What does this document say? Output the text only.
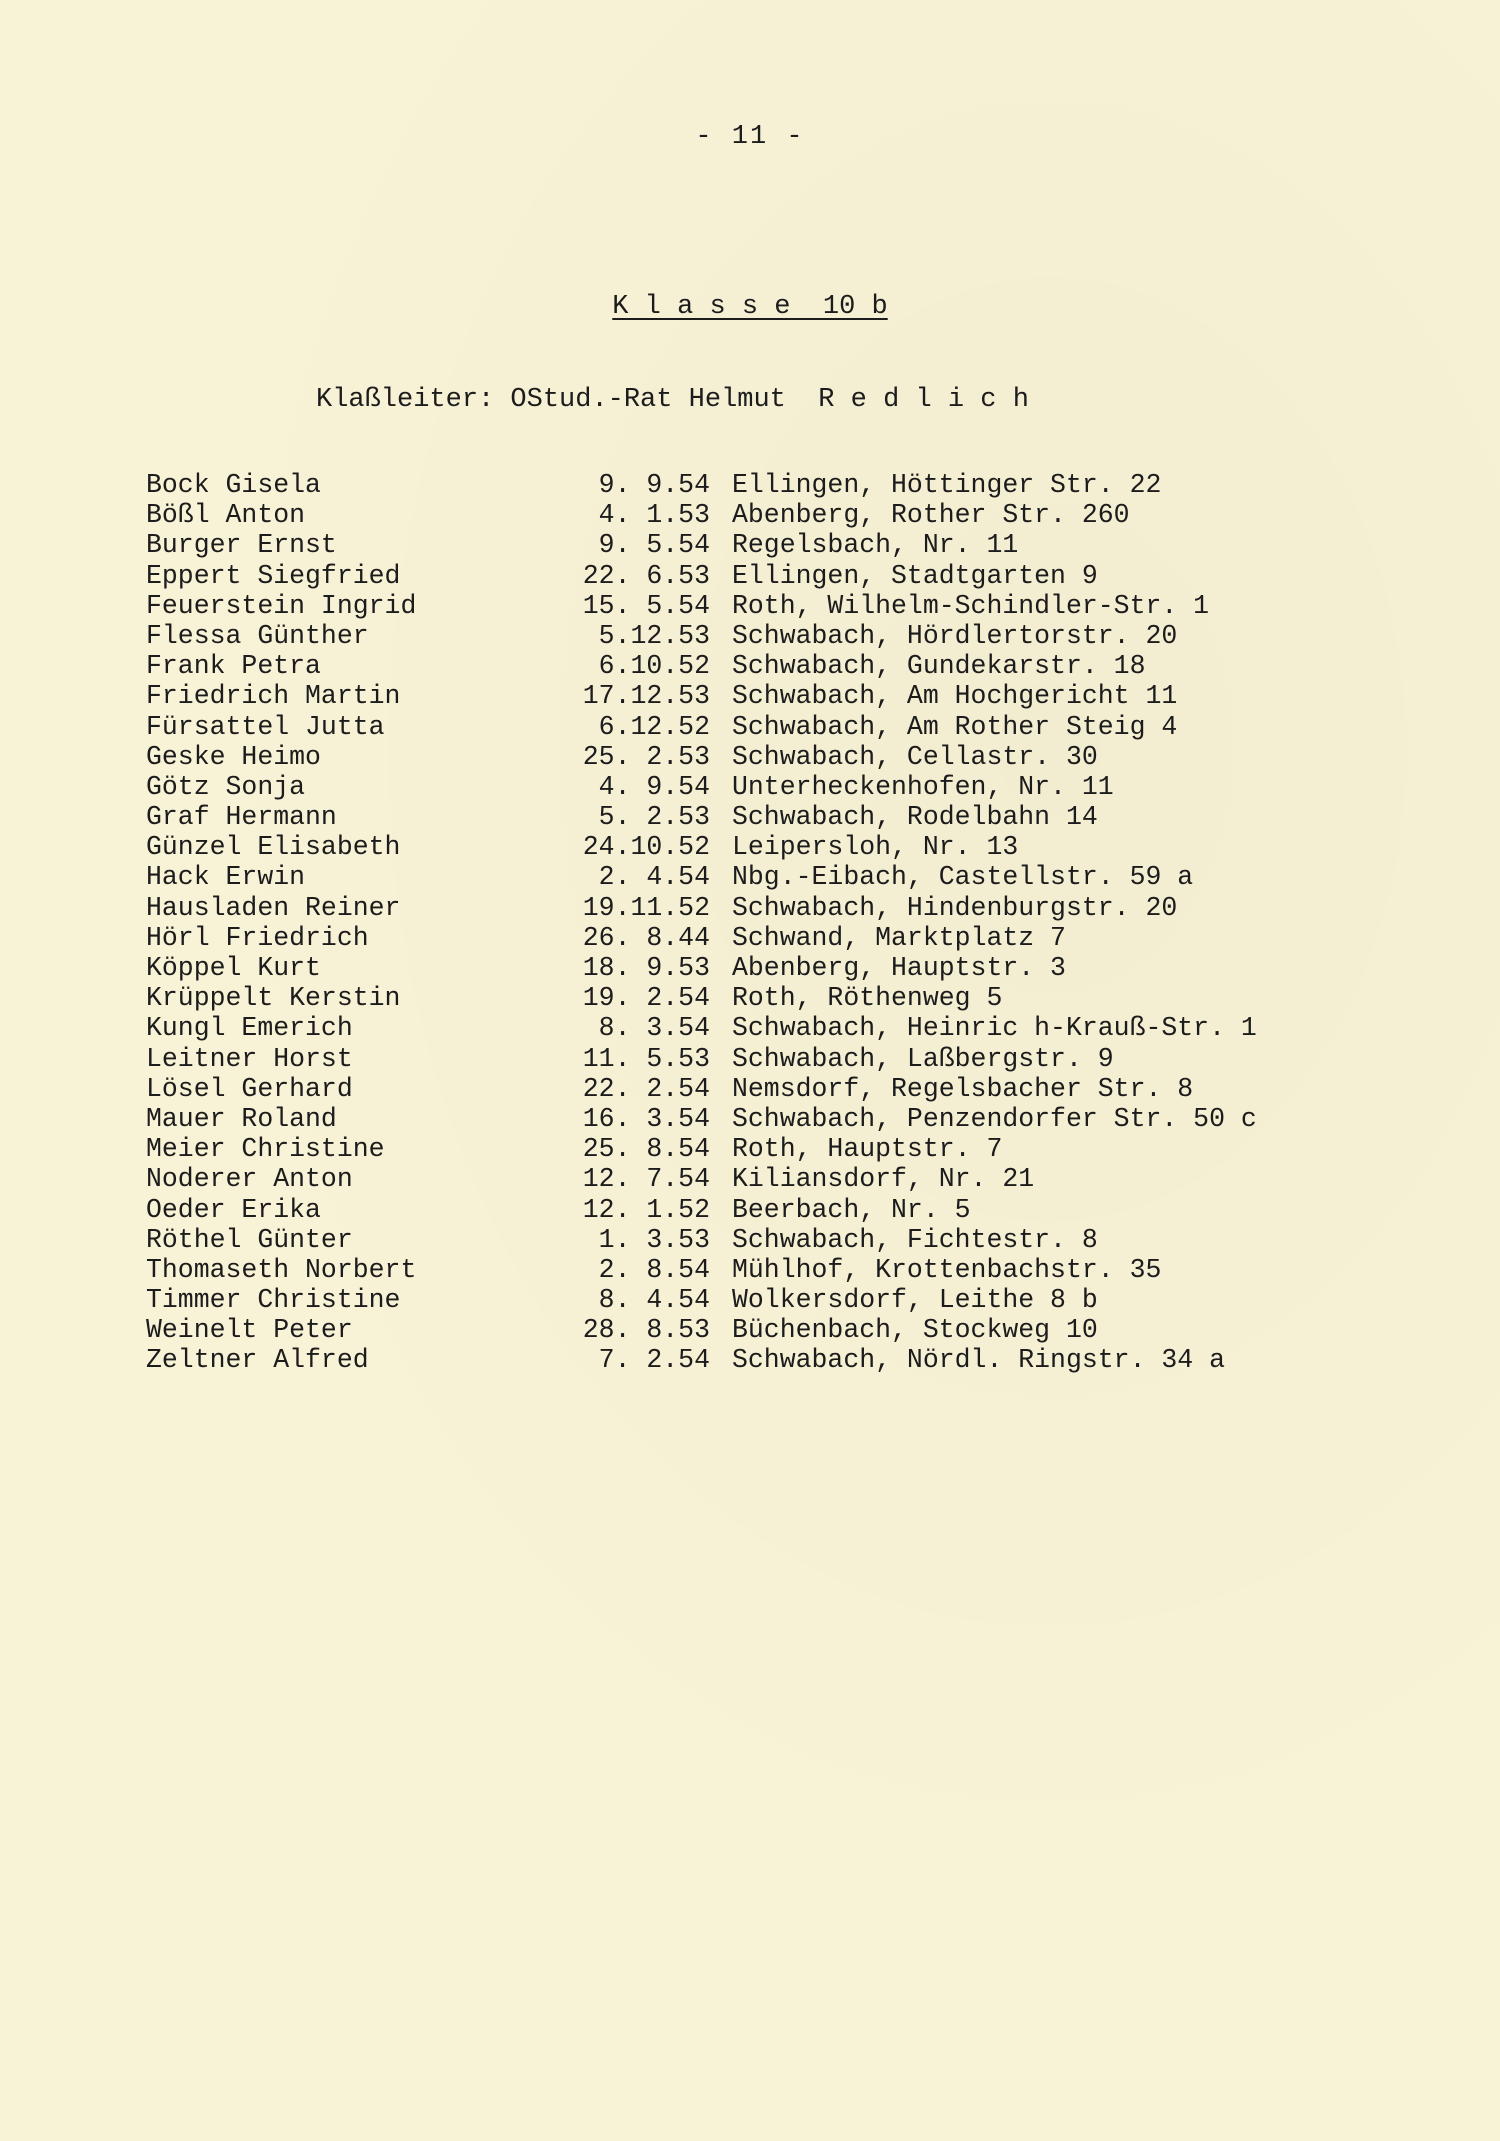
- 11 -
K l a s s e  10 b
Klaßleiter: OStud.-Rat Helmut  R e d l i c h
Bock Gisela	9. 9.54 Ellingen, Höttinger Str. 22
Bößl Anton	4. 1.53 Abenberg, Rother Str. 260
Burger Ernst	9. 5.54 Regelsbach, Nr. 11
Eppert Siegfried	22. 6.53 Ellingen, Stadtgarten 9
Feuerstein Ingrid	15. 5.54 Roth, Wilhelm-Schindler-Str. 1
Flessa Günther	5.12.53 Schwabach, Hördlertorstr. 20
Frank Petra	6.10.52 Schwabach, Gundekarstr. 18
Friedrich Martin	17.12.53 Schwabach, Am Hochgericht 11
Fürsattel Jutta	6.12.52 Schwabach, Am Rother Steig 4
Geske Heimo	25. 2.53 Schwabach, Cellastr. 30
Götz Sonja	4. 9.54 Unterheckenhofen, Nr. 11
Graf Hermann	5. 2.53 Schwabach, Rodelbahn 14
Günzel Elisabeth	24.10.52 Leipersloh, Nr. 13
Hack Erwin	2. 4.54 Nbg.-Eibach, Castellstr. 59 a
Hausladen Reiner	19.11.52 Schwabach, Hindenburgstr. 20
Hörl Friedrich	26. 8.44 Schwand, Marktplatz 7
Köppel Kurt	18. 9.53 Abenberg, Hauptstr. 3
Krüppelt Kerstin	19. 2.54 Roth, Röthenweg 5
Kungl Emerich	8. 3.54 Schwabach, Heinric h-Krauß-Str. 1
Leitner Horst	11. 5.53 Schwabach, Laßbergstr. 9
Lösel Gerhard	22. 2.54 Nemsdorf, Regelsbacher Str. 8
Mauer Roland	16. 3.54 Schwabach, Penzendorfer Str. 50 c
Meier Christine	25. 8.54 Roth, Hauptstr. 7
Noderer Anton	12. 7.54 Kiliansdorf, Nr. 21
Oeder Erika	12. 1.52 Beerbach, Nr. 5
Röthel Günter	1. 3.53 Schwabach, Fichtestr. 8
Thomaseth Norbert	2. 8.54 Mühlhof, Krottenbachstr. 35
Timmer Christine	8. 4.54 Wolkersdorf, Leithe 8 b
Weinelt Peter	28. 8.53 Büchenbach, Stockweg 10
Zeltner Alfred	7. 2.54 Schwabach, Nördl. Ringstr. 34 a
